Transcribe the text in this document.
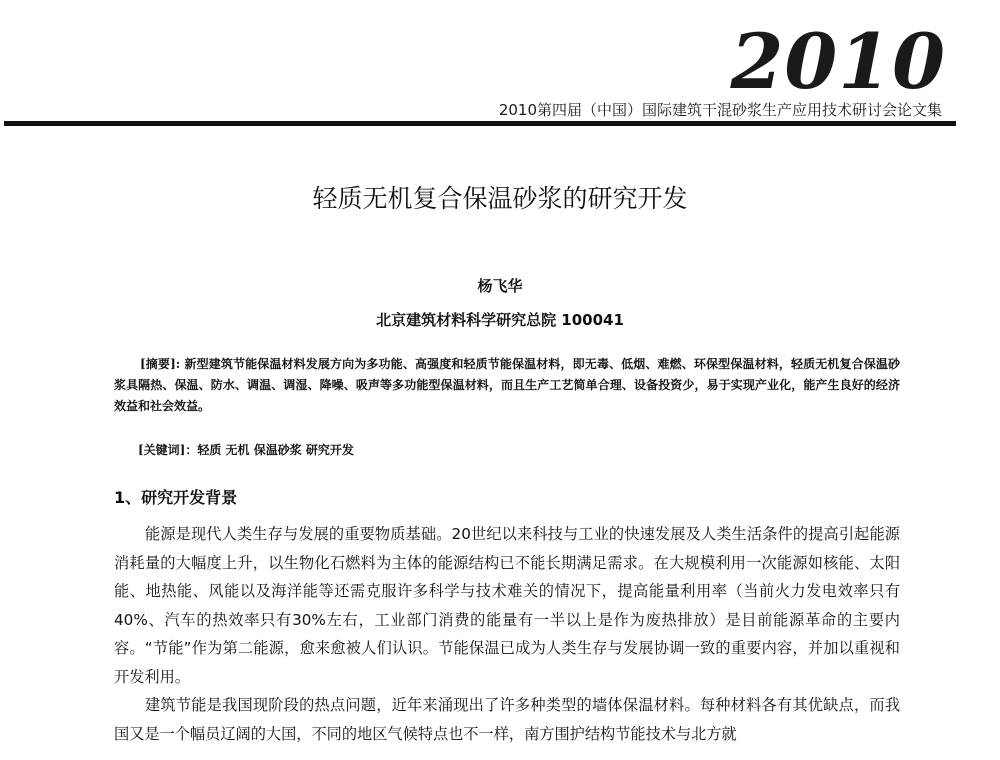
2010
2010第四届（中国）国际建筑干混砂浆生产应用技术研讨会论文集
轻质无机复合保温砂浆的研究开发
杨飞华
北京建筑材料科学研究总院 100041
[摘要]: 新型建筑节能保温材料发展方向为多功能、高强度和轻质节能保温材料，即无毒、低烟、难燃、环保型保温材料，轻质无机复合保温砂浆具隔热、保温、防水、调温、调湿、降噪、吸声等多功能型保温材料，而且生产工艺简单合理、设备投资少，易于实现产业化，能产生良好的经济效益和社会效益。
[关键词]：轻质 无机 保温砂浆 研究开发
1、研究开发背景

能源是现代人类生存与发展的重要物质基础。20世纪以来科技与工业的快速发展及人类生活条件的提高引起能源消耗量的大幅度上升，以生物化石燃料为主体的能源结构已不能长期满足需求。在大规模利用一次能源如核能、太阳能、地热能、风能以及海洋能等还需克服许多科学与技术难关的情况下，提高能量利用率（当前火力发电效率只有40%、汽车的热效率只有30%左右，工业部门消费的能量有一半以上是作为废热排放）是目前能源革命的主要内容。“节能”作为第二能源，愈来愈被人们认识。节能保温已成为人类生存与发展协调一致的重要内容，并加以重视和开发利用。

建筑节能是我国现阶段的热点问题，近年来涌现出了许多种类型的墙体保温材料。每种材料各有其优缺点，而我国又是一个幅员辽阔的大国，不同的地区气候特点也不一样，南方围护结构节能技术与北方就
